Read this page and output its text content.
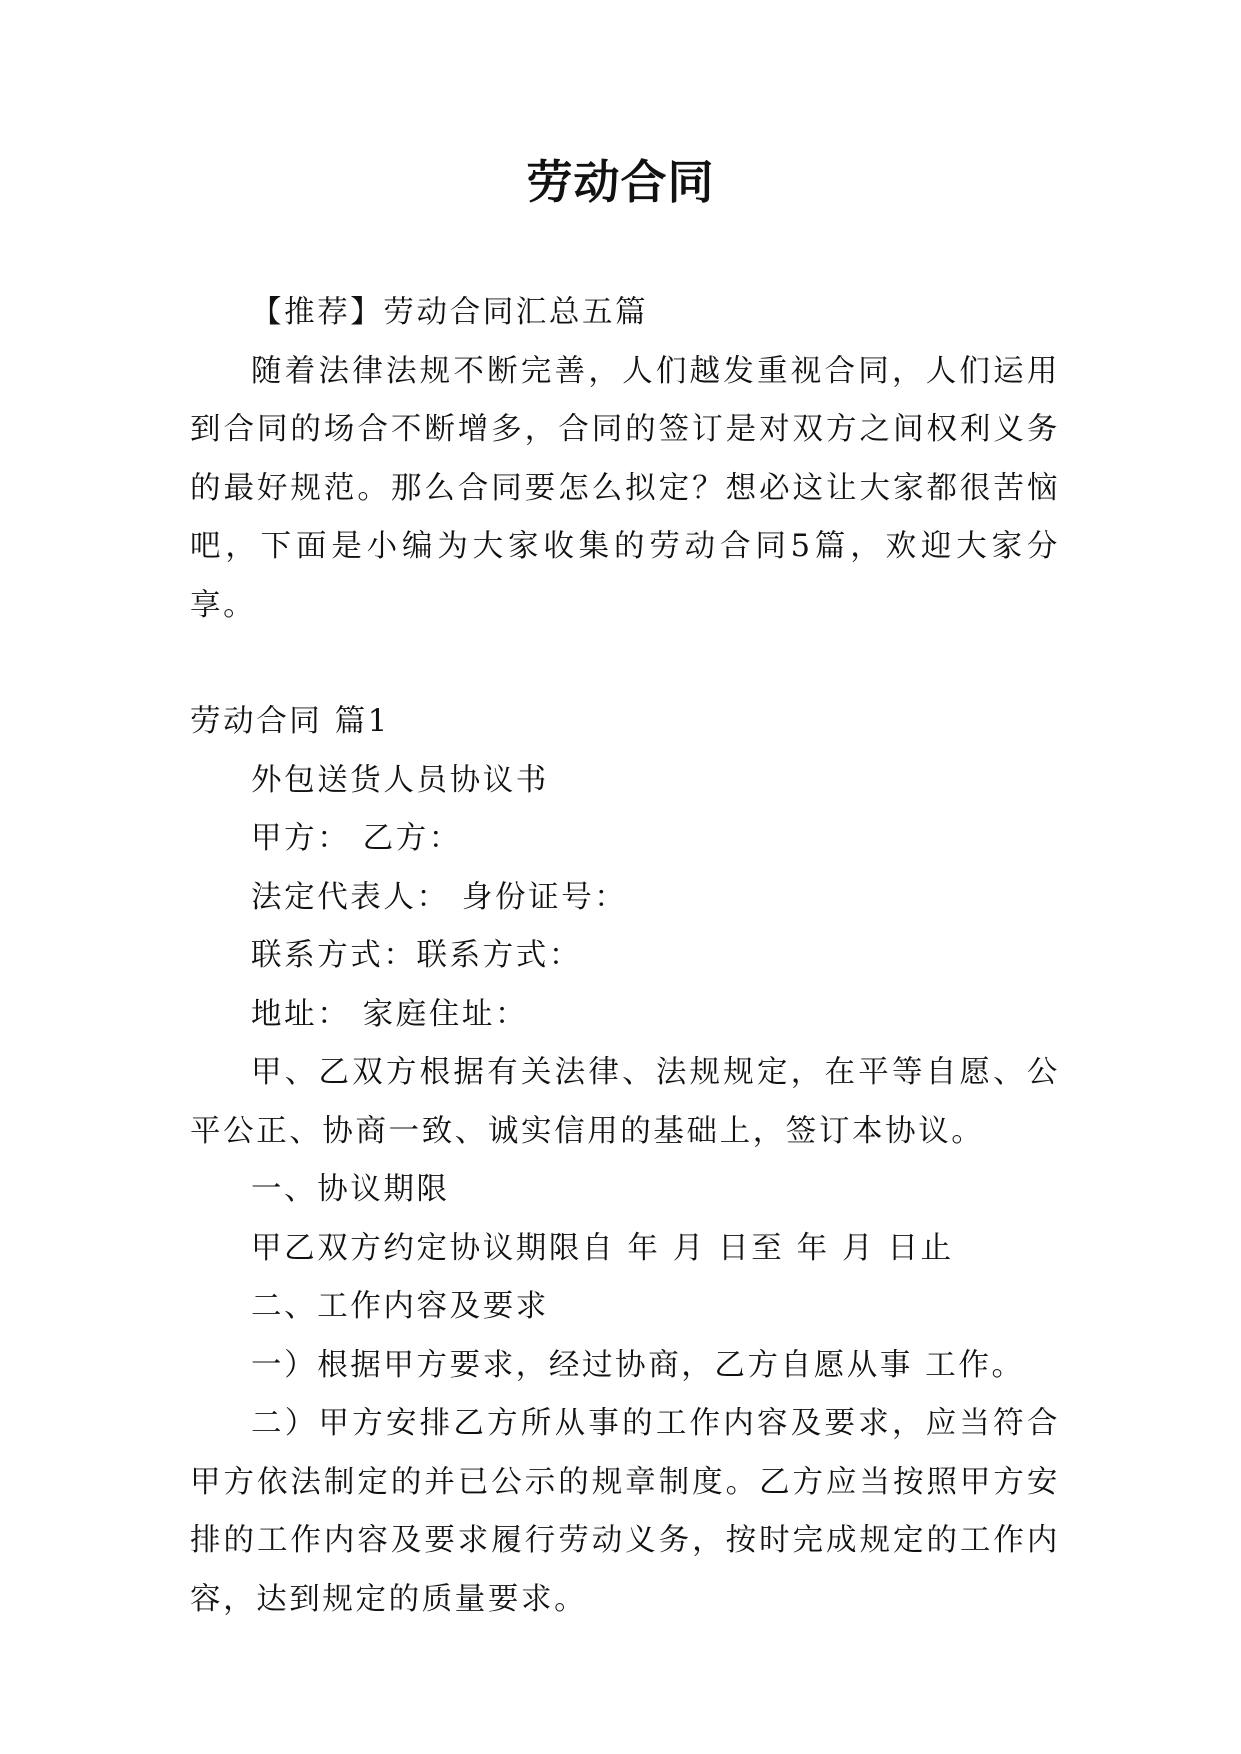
劳动合同

【推荐】劳动合同汇总五篇

随着法律法规不断完善，人们越发重视合同，人们运用到合同的场合不断增多，合同的签订是对双方之间权利义务的最好规范。那么合同要怎么拟定？想必这让大家都很苦恼吧，下面是小编为大家收集的劳动合同5篇，欢迎大家分享。

劳动合同 篇1

外包送货人员协议书

甲方： 乙方：

法定代表人： 身份证号：

联系方式：联系方式：

地址： 家庭住址：

甲、乙双方根据有关法律、法规规定，在平等自愿、公平公正、协商一致、诚实信用的基础上，签订本协议。

一、协议期限

甲乙双方约定协议期限自 年 月 日至 年 月 日止

二、工作内容及要求

一）根据甲方要求，经过协商，乙方自愿从事 工作。

二）甲方安排乙方所从事的工作内容及要求，应当符合甲方依法制定的并已公示的规章制度。乙方应当按照甲方安排的工作内容及要求履行劳动义务，按时完成规定的工作内容，达到规定的质量要求。
